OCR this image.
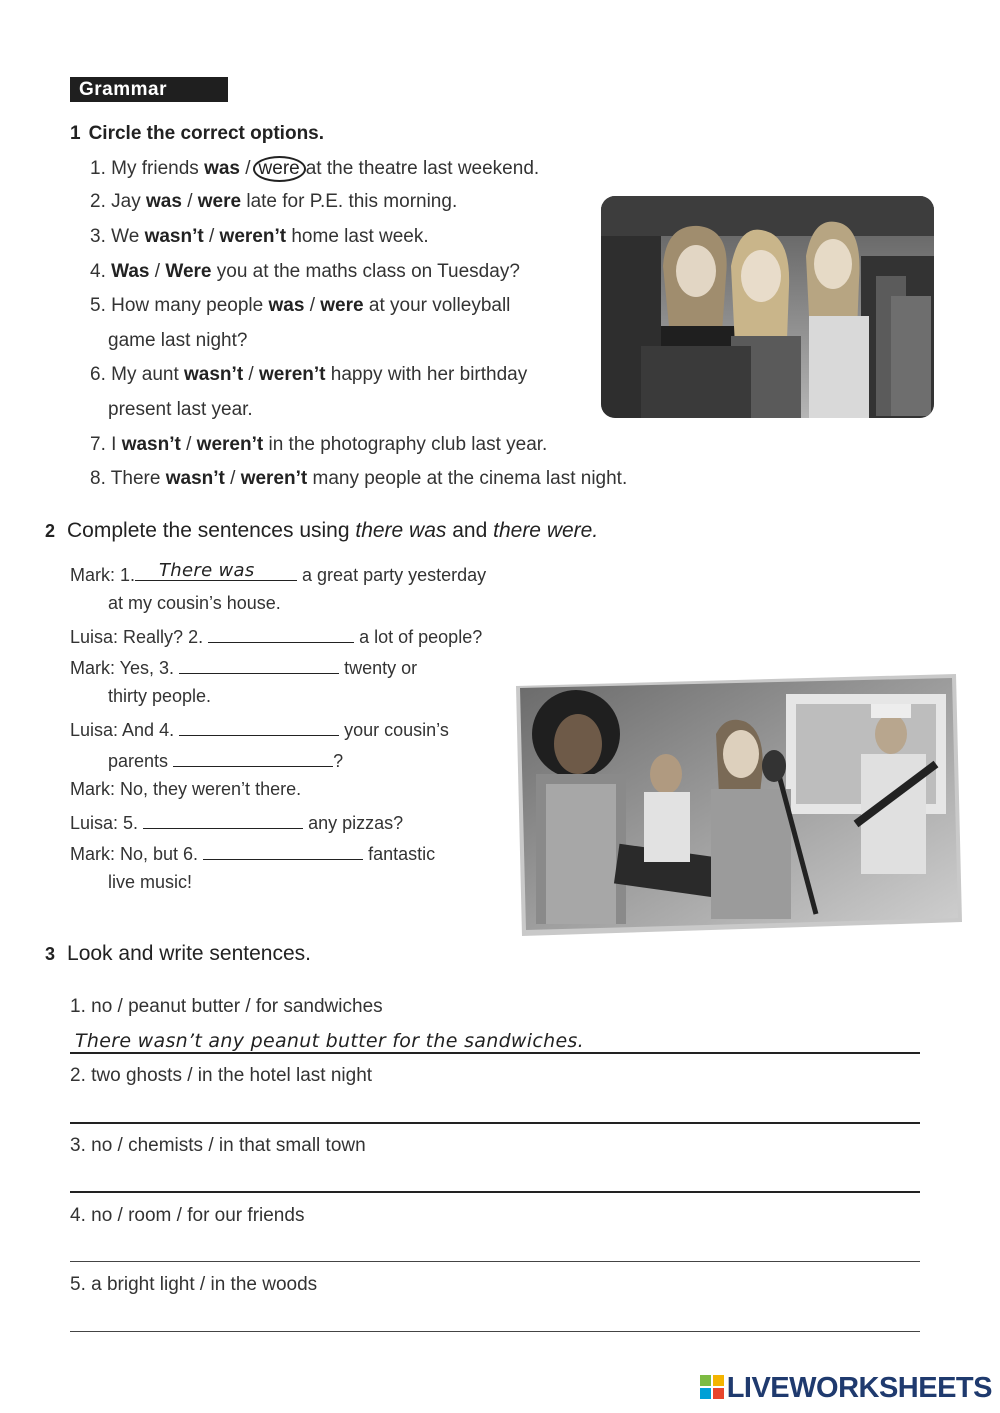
Grammar
1 Circle the correct options.
1. My friends was / were at the theatre last weekend.
2. Jay was / were late for P.E. this morning.
3. We wasn’t / weren’t home last week.
4. Was / Were you at the maths class on Tuesday?
5. How many people was / were at your volleyball
game last night?
6. My aunt wasn’t / weren’t happy with her birthday
present last year.
7. I wasn’t / weren’t in the photography club last year.
8. There wasn’t / weren’t many people at the cinema last night.
2 Complete the sentences using there was and there were.
Mark: 1. There was	a great party yesterday
at my cousin’s house.
Luisa: Really? 2.	a lot of people?
Mark: Yes, 3.	twenty or
thirty people.
Luisa: And 4.	your cousin’s
parents	?
Mark: No, they weren’t there.
Luisa: 5.	any pizzas?
Mark: No, but 6.	fantastic
live music!
3 Look and write sentences.
1. no / peanut butter / for sandwiches
There wasn’t any peanut butter for the sandwiches.
2. two ghosts / in the hotel last night
3. no / chemists / in that small town
4. no / room / for our friends
5. a bright light / in the woods
LIVEWORKSHEETS
